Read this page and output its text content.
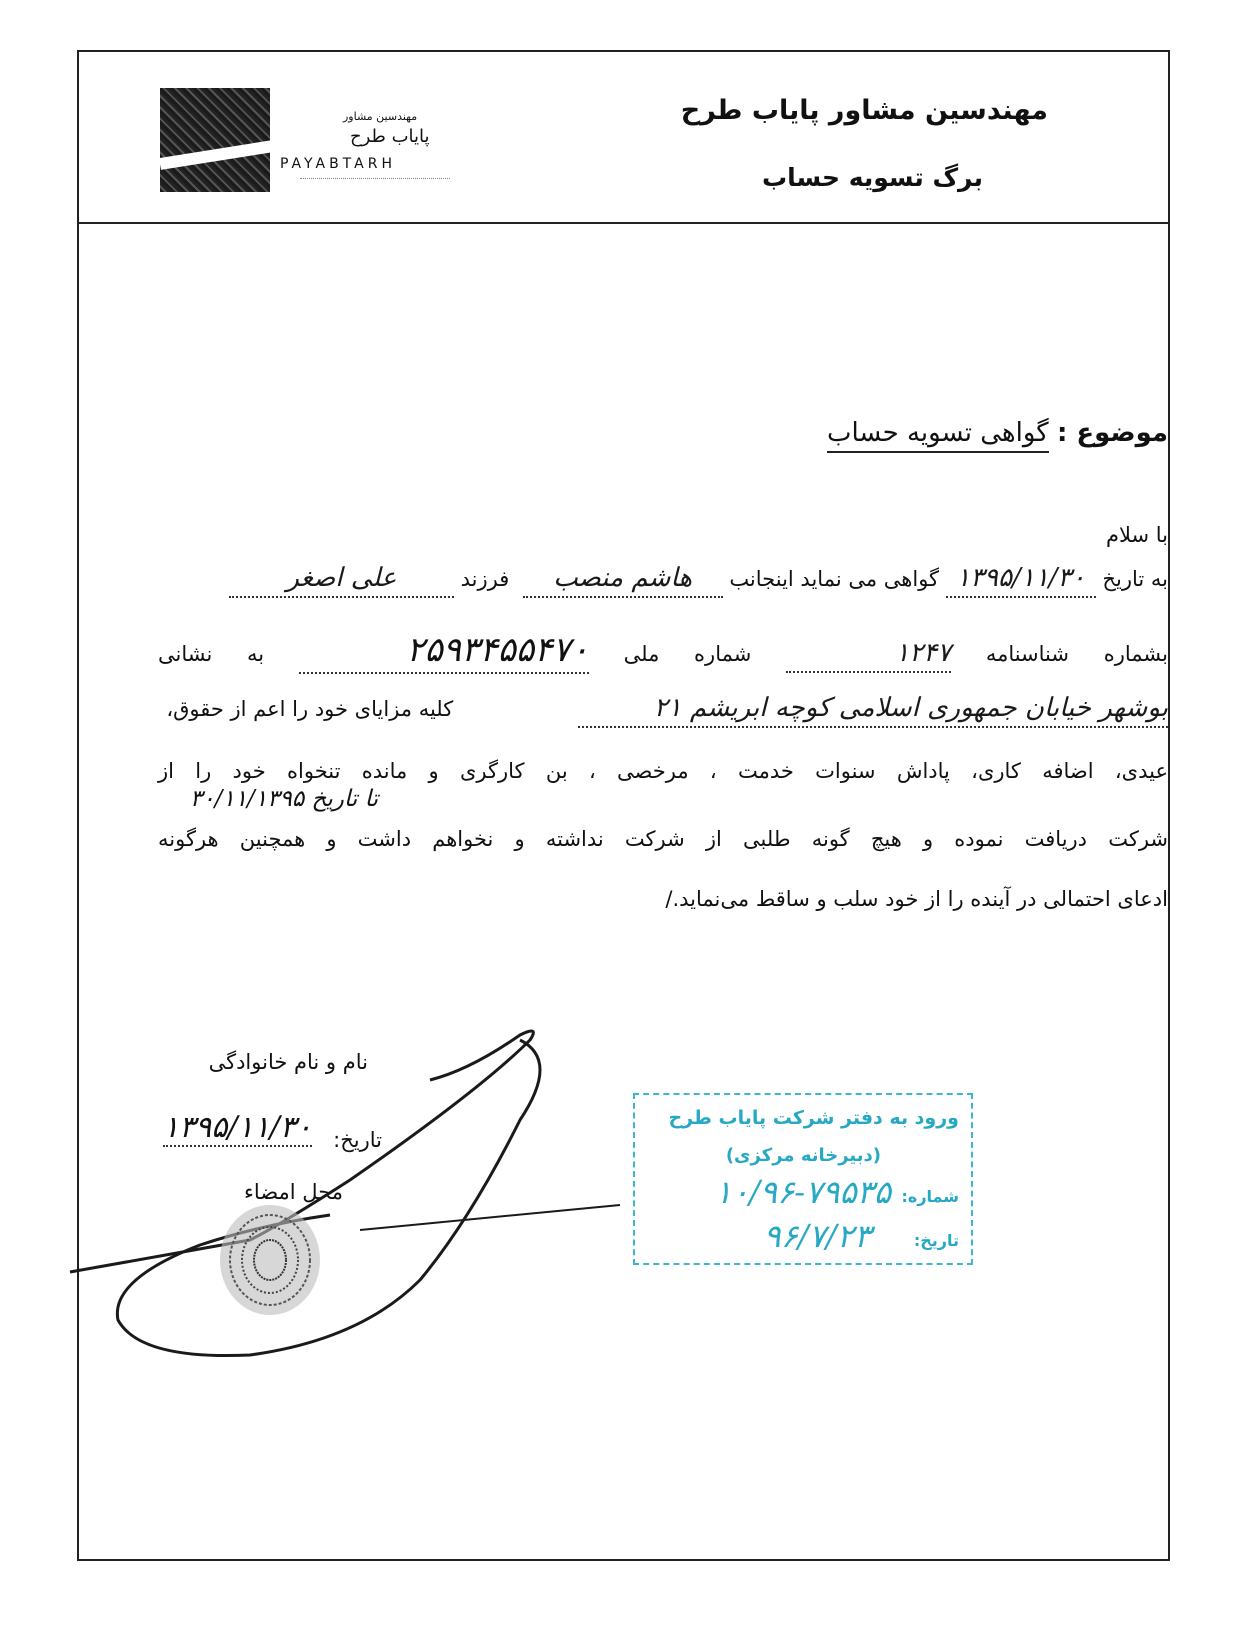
مهندسین مشاور پایاب طرح
برگ تسویه حساب
مهندسین مشاور
پایاب طرح
PAYABTARH
موضوع : گواهی تسویه حساب
با سلام
به تاریخ ۱۳۹۵/۱۱/۳۰ گواهی می نماید اینجانب هاشم منصب  فرزند علی اصغر
بشماره شناسنامه ۱۲۴۷ شماره ملی ۲۵۹۳۴۵۵۴۷۰ به نشانی
بوشهر خیابان جمهوری اسلامی کوچه ابریشم ۲۱ کلیه مزایای خود را اعم از حقوق،
عیدی، اضافه کاری، پاداش سنوات خدمت ، مرخصی ، بن کارگری و مانده تنخواه خود را از
تا تاریخ ۳۰/۱۱/۱۳۹۵
شرکت دریافت نموده و هیچ گونه طلبی از شرکت نداشته و نخواهم داشت و همچنین هرگونه
ادعای احتمالی در آینده را از خود سلب و ساقط می‌نماید./
نام و نام خانوادگی
تاریخ:
۱۳۹۵/۱۱/۳۰
محل امضاء
ورود به دفتر شرکت پایاب طرح
(دبیرخانه مرکزی)
شماره:
۱۰/۹۶-۷۹۵۳۵
تاریخ:
۹۶/۷/۲۳
